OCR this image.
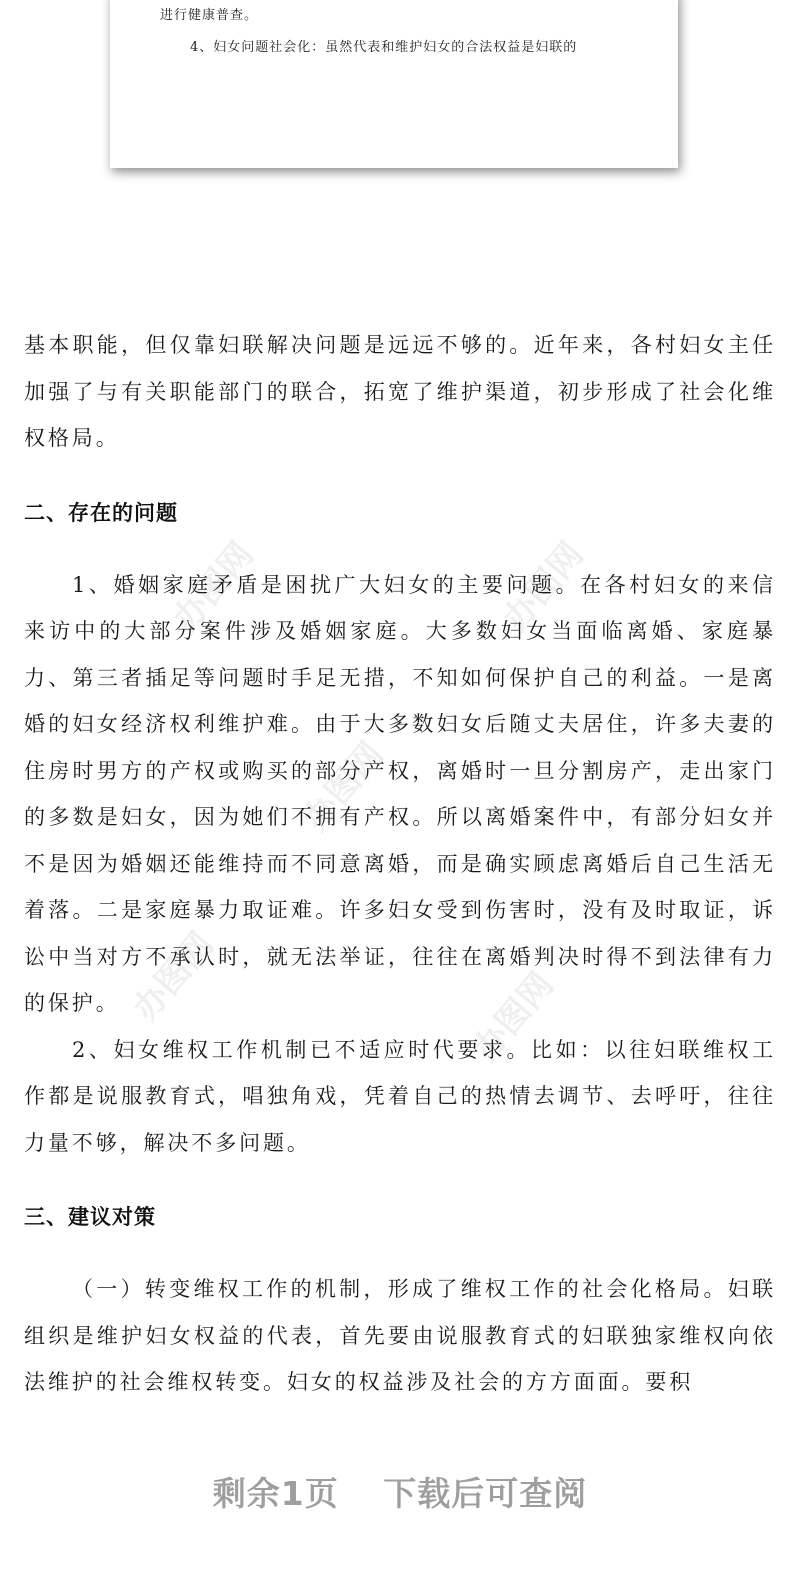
进行健康普查。
4、妇女问题社会化：虽然代表和维护妇女的合法权益是妇联的
办图网	办图网
办图网
办图网	办图网

基本职能，但仅靠妇联解决问题是远远不够的。近年来，各村妇女主任加强了与有关职能部门的联合，拓宽了维护渠道，初步形成了社会化维权格局。

二、存在的问题

1、婚姻家庭矛盾是困扰广大妇女的主要问题。在各村妇女的来信来访中的大部分案件涉及婚姻家庭。大多数妇女当面临离婚、家庭暴力、第三者插足等问题时手足无措，不知如何保护自己的利益。一是离婚的妇女经济权利维护难。由于大多数妇女后随丈夫居住，许多夫妻的住房时男方的产权或购买的部分产权，离婚时一旦分割房产，走出家门的多数是妇女，因为她们不拥有产权。所以离婚案件中，有部分妇女并不是因为婚姻还能维持而不同意离婚，而是确实顾虑离婚后自己生活无着落。二是家庭暴力取证难。许多妇女受到伤害时，没有及时取证，诉讼中当对方不承认时，就无法举证，往往在离婚判决时得不到法律有力的保护。

2、妇女维权工作机制已不适应时代要求。比如：以往妇联维权工作都是说服教育式，唱独角戏，凭着自己的热情去调节、去呼吁，往往力量不够，解决不多问题。

三、建议对策

（一）转变维权工作的机制，形成了维权工作的社会化格局。妇联组织是维护妇女权益的代表，首先要由说服教育式的妇联独家维权向依法维护的社会维权转变。妇女的权益涉及社会的方方面面。要积

剩余1页 下载后可查阅
